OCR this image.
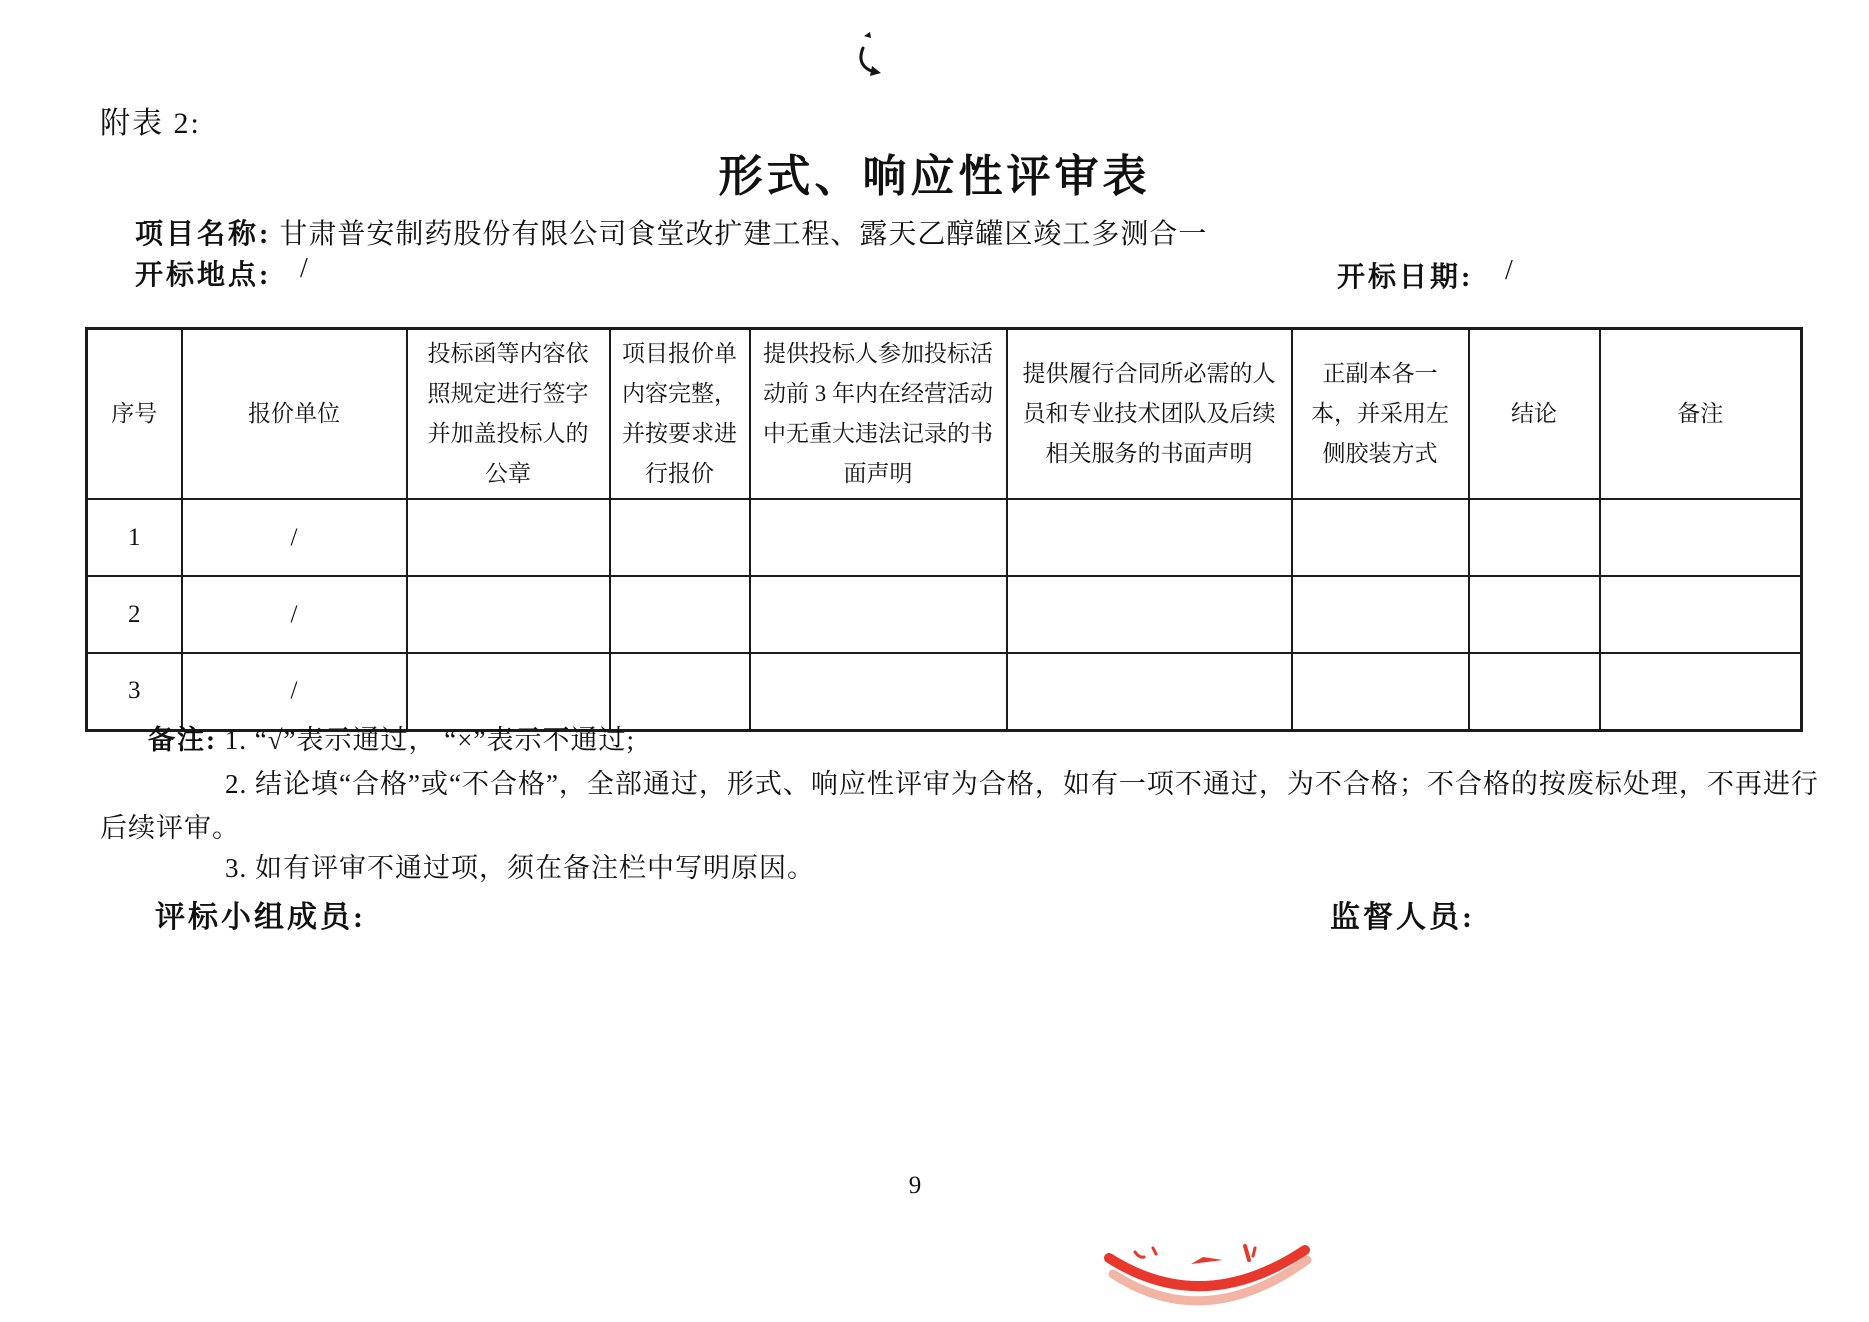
附表 2:
形式、响应性评审表
项目名称: 甘肃普安制药股份有限公司食堂改扩建工程、露天乙醇罐区竣工多测合一
开标地点: /	开标日期: /
序号	报价单位	投标函等内容依照规定进行签字并加盖投标人的公章	项目报价单内容完整，并按要求进行报价	提供投标人参加投标活动前 3 年内在经营活动中无重大违法记录的书面声明	提供履行合同所必需的人员和专业技术团队及后续相关服务的书面声明	正副本各一本，并采用左侧胶装方式	结论	备注
1	/							
2	/							
3	/							
备注: 1. “√”表示通过， “×”表示不通过;
2. 结论填“合格”或“不合格”，全部通过，形式、响应性评审为合格，如有一项不通过，为不合格；不合格的按废标处理，不再进行
后续评审。
3. 如有评审不通过项，须在备注栏中写明原因。
评标小组成员:	监督人员:
9
